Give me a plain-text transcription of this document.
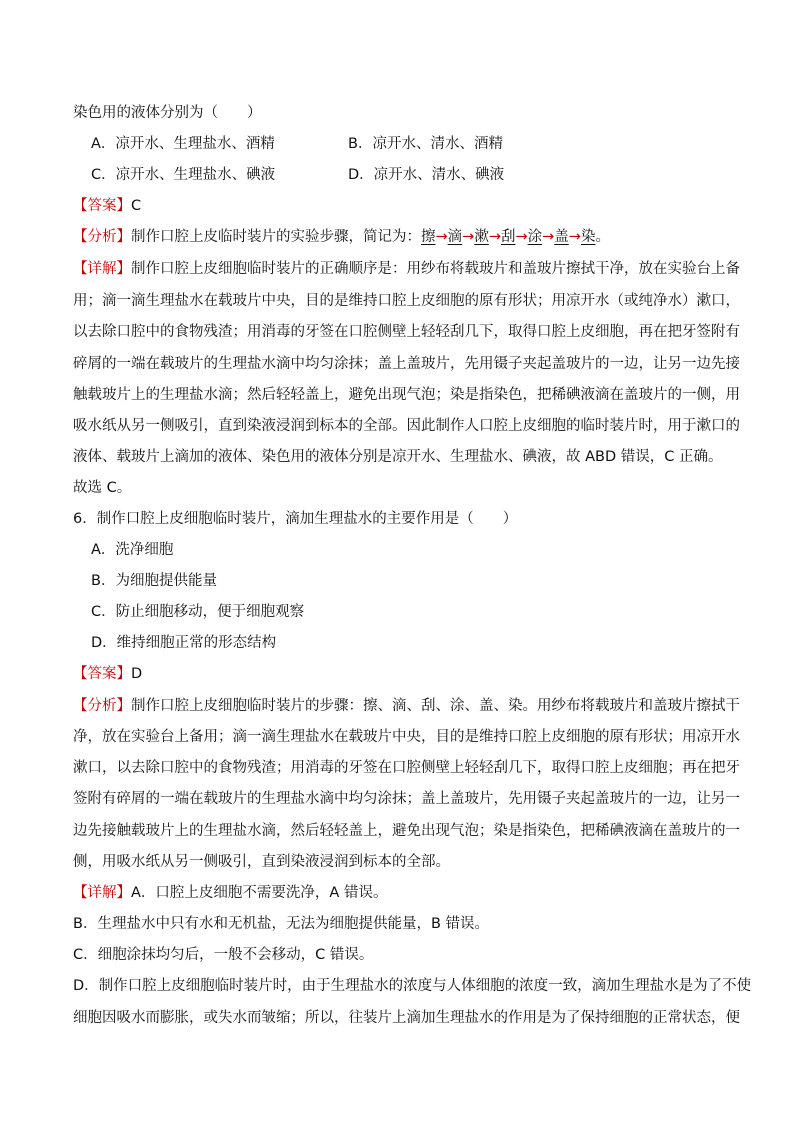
染色用的液体分别为（　　）
A．凉开水、生理盐水、酒精	B．凉开水、清水、酒精
C．凉开水、生理盐水、碘液	D．凉开水、清水、碘液
【答案】C
【分析】制作口腔上皮临时装片的实验步骤，简记为：擦→滴→漱→刮→涂→盖→染。
【详解】制作口腔上皮细胞临时装片的正确顺序是：用纱布将载玻片和盖玻片擦拭干净，放在实验台上备
用；滴一滴生理盐水在载玻片中央，目的是维持口腔上皮细胞的原有形状；用凉开水（或纯净水）漱口，
以去除口腔中的食物残渣；用消毒的牙签在口腔侧壁上轻轻刮几下，取得口腔上皮细胞，再在把牙签附有
碎屑的一端在载玻片的生理盐水滴中均匀涂抹；盖上盖玻片，先用镊子夹起盖玻片的一边，让另一边先接
触载玻片上的生理盐水滴；然后轻轻盖上，避免出现气泡；染是指染色，把稀碘液滴在盖玻片的一侧，用
吸水纸从另一侧吸引，直到染液浸润到标本的全部。因此制作人口腔上皮细胞的临时装片时，用于漱口的
液体、载玻片上滴加的液体、染色用的液体分别是凉开水、生理盐水、碘液，故 ABD 错误，C 正确。
故选 C。
6．制作口腔上皮细胞临时装片，滴加生理盐水的主要作用是（　　）
A．洗净细胞
B．为细胞提供能量
C．防止细胞移动，便于细胞观察
D．维持细胞正常的形态结构
【答案】D
【分析】制作口腔上皮细胞临时装片的步骤：擦、滴、刮、涂、盖、染。用纱布将载玻片和盖玻片擦拭干
净，放在实验台上备用；滴一滴生理盐水在载玻片中央，目的是维持口腔上皮细胞的原有形状；用凉开水
漱口，以去除口腔中的食物残渣；用消毒的牙签在口腔侧壁上轻轻刮几下，取得口腔上皮细胞；再在把牙
签附有碎屑的一端在载玻片的生理盐水滴中均匀涂抹；盖上盖玻片，先用镊子夹起盖玻片的一边，让另一
边先接触载玻片上的生理盐水滴，然后轻轻盖上，避免出现气泡；染是指染色，把稀碘液滴在盖玻片的一
侧，用吸水纸从另一侧吸引，直到染液浸润到标本的全部。
【详解】A．口腔上皮细胞不需要洗净，A 错误。
B．生理盐水中只有水和无机盐，无法为细胞提供能量，B 错误。
C．细胞涂抹均匀后，一般不会移动，C 错误。
D．制作口腔上皮细胞临时装片时，由于生理盐水的浓度与人体细胞的浓度一致，滴加生理盐水是为了不使
细胞因吸水而膨胀，或失水而皱缩；所以，往装片上滴加生理盐水的作用是为了保持细胞的正常状态，便
